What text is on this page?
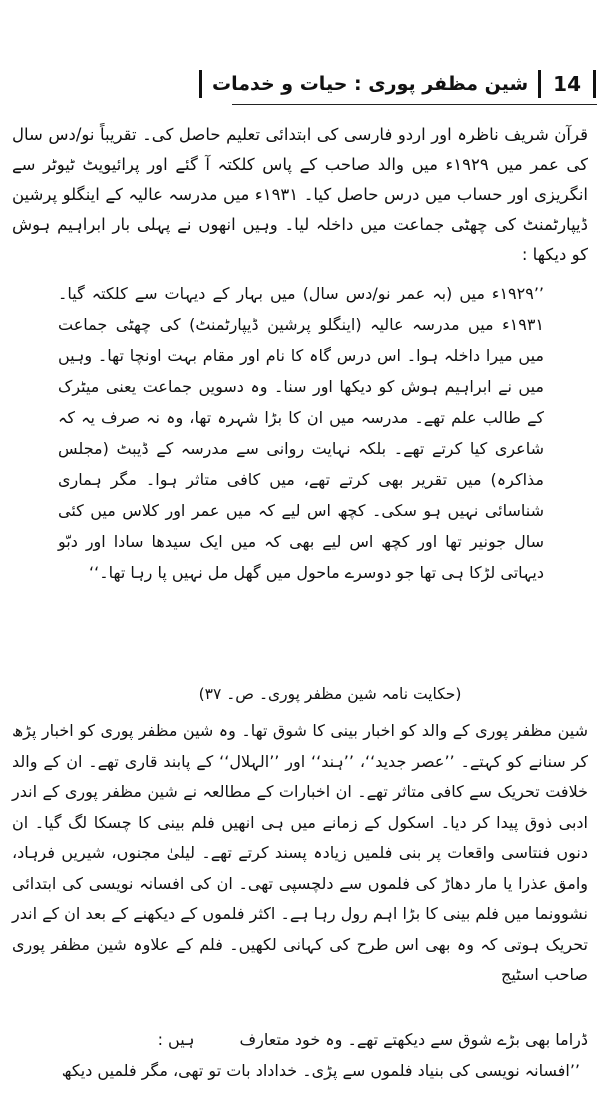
14
شین مظفر پوری : حیات و خدمات

قرآن شریف ناظرہ اور اردو فارسی کی ابتدائی تعلیم حاصل کی۔ تقریباً نو/دس سال کی عمر میں ۱۹۲۹ء میں والد صاحب کے پاس کلکتہ آ گئے اور پرائیویٹ ٹیوٹر سے انگریزی اور حساب میں درس حاصل کیا۔ ۱۹۳۱ء میں مدرسہ عالیہ کے اینگلو پرشین ڈیپارٹمنٹ کی چھٹی جماعت میں داخلہ لیا۔ وہیں انھوں نے پہلی بار ابراہیم ہوش کو دیکھا :

’’۱۹۲۹ء میں (بہ عمر نو/دس سال) میں بہار کے دیہات سے کلکتہ گیا۔ ۱۹۳۱ء میں مدرسہ عالیہ (اینگلو پرشین ڈیپارٹمنٹ) کی چھٹی جماعت میں میرا داخلہ ہوا۔ اس درس گاہ کا نام اور مقام بہت اونچا تھا۔ وہیں میں نے ابراہیم ہوش کو دیکھا اور سنا۔ وہ دسویں جماعت یعنی میٹرک کے طالب علم تھے۔ مدرسہ میں ان کا بڑا شہرہ تھا، وہ نہ صرف یہ کہ شاعری کیا کرتے تھے۔ بلکہ نہایت روانی سے مدرسہ کے ڈیبٹ (مجلس مذاکرہ) میں تقریر بھی کرتے تھے، میں کافی متاثر ہوا۔ مگر ہماری شناسائی نہیں ہو سکی۔ کچھ اس لیے کہ میں عمر اور کلاس میں کئی سال جونیر تھا اور کچھ اس لیے بھی کہ میں ایک سیدھا سادا اور دبّو دیہاتی لڑکا ہی تھا جو دوسرے ماحول میں گھل مل نہیں پا رہا تھا۔‘‘

(حکایت نامہ شین مظفر پوری۔ ص۔ ۳۷)

شین مظفر پوری کے والد کو اخبار بینی کا شوق تھا۔ وہ شین مظفر پوری کو اخبار پڑھ کر سنانے کو کہتے۔ ’’عصر جدید‘‘، ’’ہند‘‘ اور ’’الہلال‘‘ کے پابند قاری تھے۔ ان کے والد خلافت تحریک سے کافی متاثر تھے۔ ان اخبارات کے مطالعہ نے شین مظفر پوری کے اندر ادبی ذوق پیدا کر دیا۔ اسکول کے زمانے میں ہی انھیں فلم بینی کا چسکا لگ گیا۔ ان دنوں فنتاسی واقعات پر بنی فلمیں زیادہ پسند کرتے تھے۔ لیلیٰ مجنوں، شیریں فرہاد، وامق عذرا یا مار دھاڑ کی فلموں سے دلچسپی تھی۔ ان کی افسانہ نویسی کی ابتدائی نشوونما میں فلم بینی کا بڑا اہم رول رہا ہے۔ اکثر فلموں کے دیکھنے کے بعد ان کے اندر تحریک ہوتی کہ وہ بھی اس طرح کی کہانی لکھیں۔ فلم کے علاوہ شین مظفر پوری صاحب اسٹیج

ڈراما بھی بڑے شوق سے دیکھتے تھے۔ وہ خود متعارف ہیں :
’’افسانہ نویسی کی بنیاد فلموں سے پڑی۔ خداداد بات تو تھی، مگر فلمیں دیکھ
